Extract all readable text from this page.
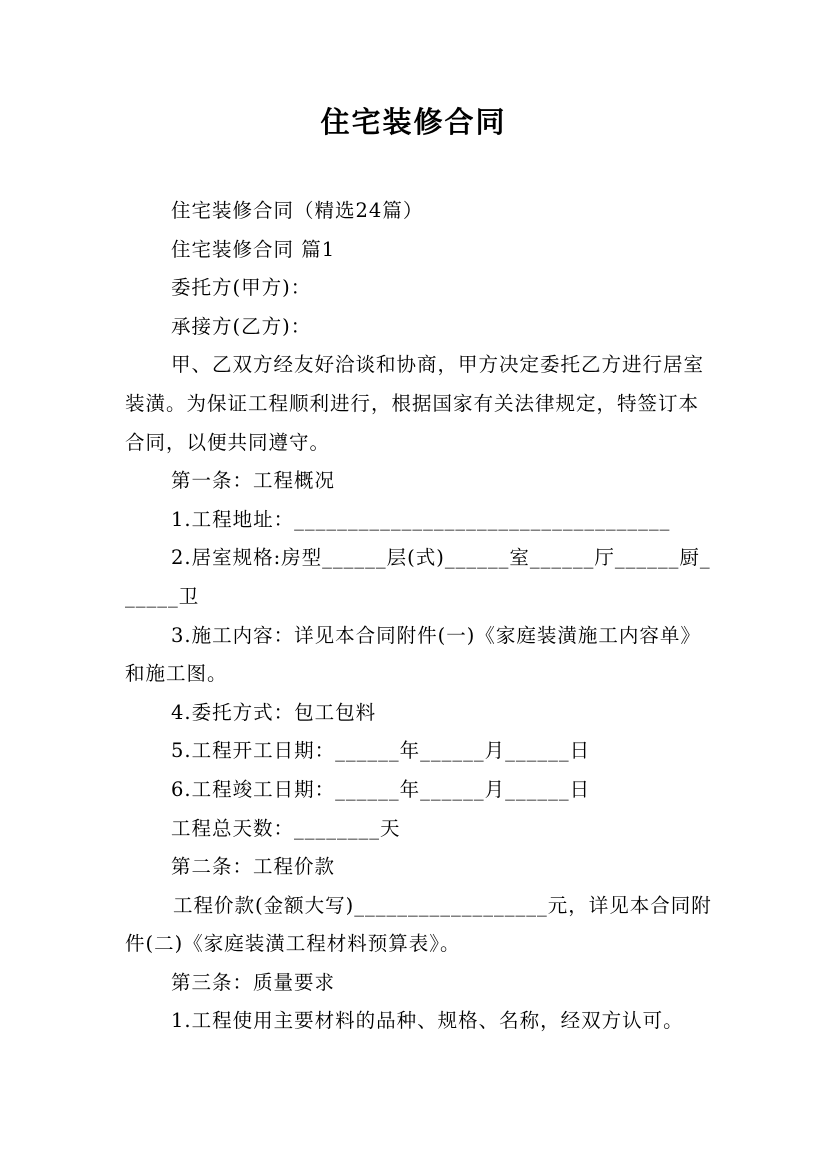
住宅装修合同

住宅装修合同（精选24篇）

住宅装修合同 篇1

委托方(甲方)：

承接方(乙方)：

甲、乙双方经友好洽谈和协商，甲方决定委托乙方进行居室装潢。为保证工程顺利进行，根据国家有关法律规定，特签订本合同，以便共同遵守。

第一条：工程概况

1.工程地址：___________________________________

2.居室规格:房型______层(式)______室______厅______厨______卫

3.施工内容：详见本合同附件(一)《家庭装潢施工内容单》和施工图。

4.委托方式：包工包料

5.工程开工日期：______年______月______日

6.工程竣工日期：______年______月______日

工程总天数：________天

第二条：工程价款

工程价款(金额大写)__________________元，详见本合同附件(二)《家庭装潢工程材料预算表》。

第三条：质量要求

1.工程使用主要材料的品种、规格、名称，经双方认可。
